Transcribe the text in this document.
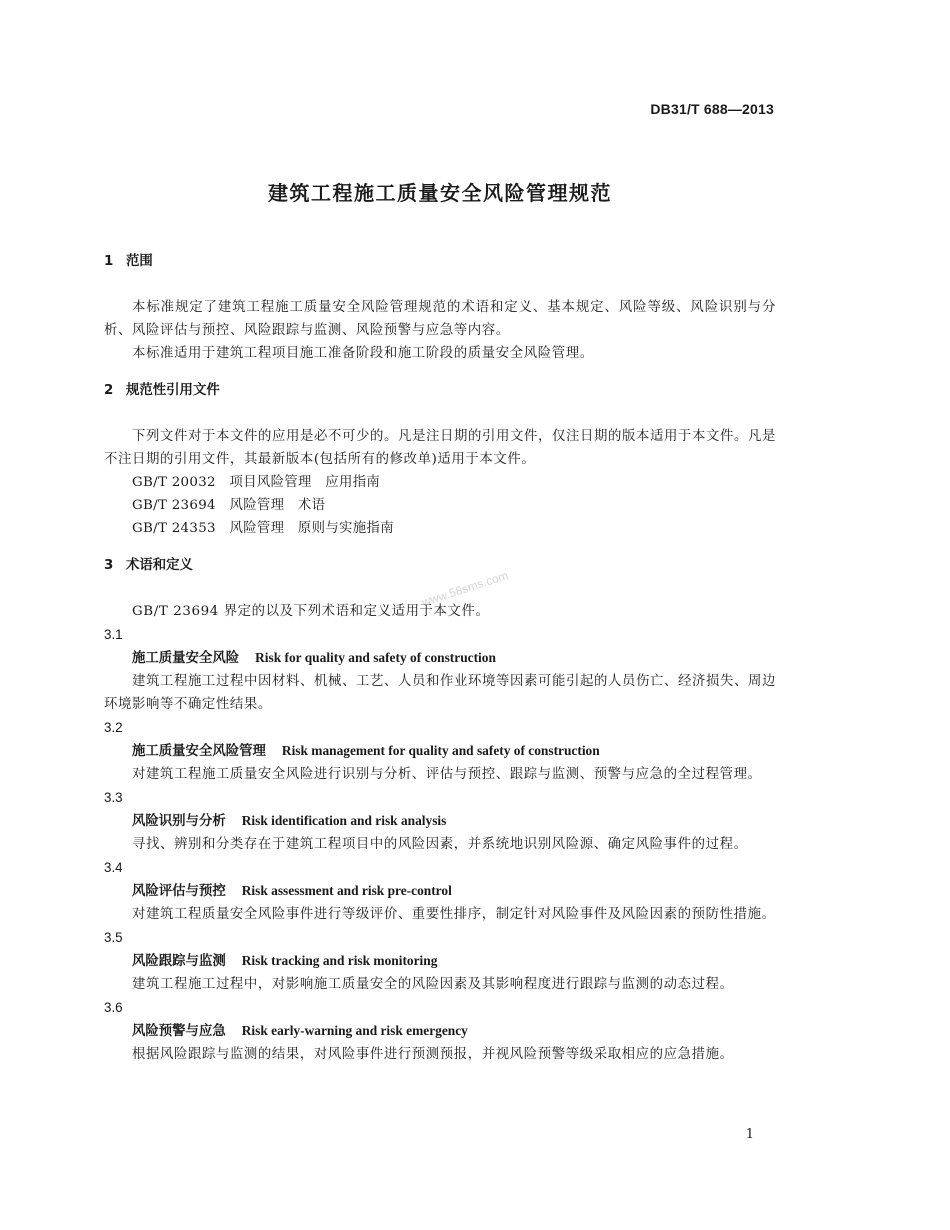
DB31/T 688—2013
建筑工程施工质量安全风险管理规范
www.58sms.com
1 范围
本标准规定了建筑工程施工质量安全风险管理规范的术语和定义、基本规定、风险等级、风险识别与分析、风险评估与预控、风险跟踪与监测、风险预警与应急等内容。
本标准适用于建筑工程项目施工准备阶段和施工阶段的质量安全风险管理。
2 规范性引用文件
下列文件对于本文件的应用是必不可少的。凡是注日期的引用文件，仅注日期的版本适用于本文件。凡是不注日期的引用文件，其最新版本(包括所有的修改单)适用于本文件。
GB/T 20032   项目风险管理   应用指南
GB/T 23694   风险管理   术语
GB/T 24353   风险管理   原则与实施指南
3 术语和定义
GB/T 23694 界定的以及下列术语和定义适用于本文件。
3.1
施工质量安全风险 Risk for quality and safety of construction
建筑工程施工过程中因材料、机械、工艺、人员和作业环境等因素可能引起的人员伤亡、经济损失、周边环境影响等不确定性结果。
3.2
施工质量安全风险管理 Risk management for quality and safety of construction
对建筑工程施工质量安全风险进行识别与分析、评估与预控、跟踪与监测、预警与应急的全过程管理。
3.3
风险识别与分析 Risk identification and risk analysis
寻找、辨别和分类存在于建筑工程项目中的风险因素，并系统地识别风险源、确定风险事件的过程。
3.4
风险评估与预控 Risk assessment and risk pre-control
对建筑工程质量安全风险事件进行等级评价、重要性排序，制定针对风险事件及风险因素的预防性措施。
3.5
风险跟踪与监测 Risk tracking and risk monitoring
建筑工程施工过程中，对影响施工质量安全的风险因素及其影响程度进行跟踪与监测的动态过程。
3.6
风险预警与应急 Risk early-warning and risk emergency
根据风险跟踪与监测的结果，对风险事件进行预测预报，并视风险预警等级采取相应的应急措施。
1
